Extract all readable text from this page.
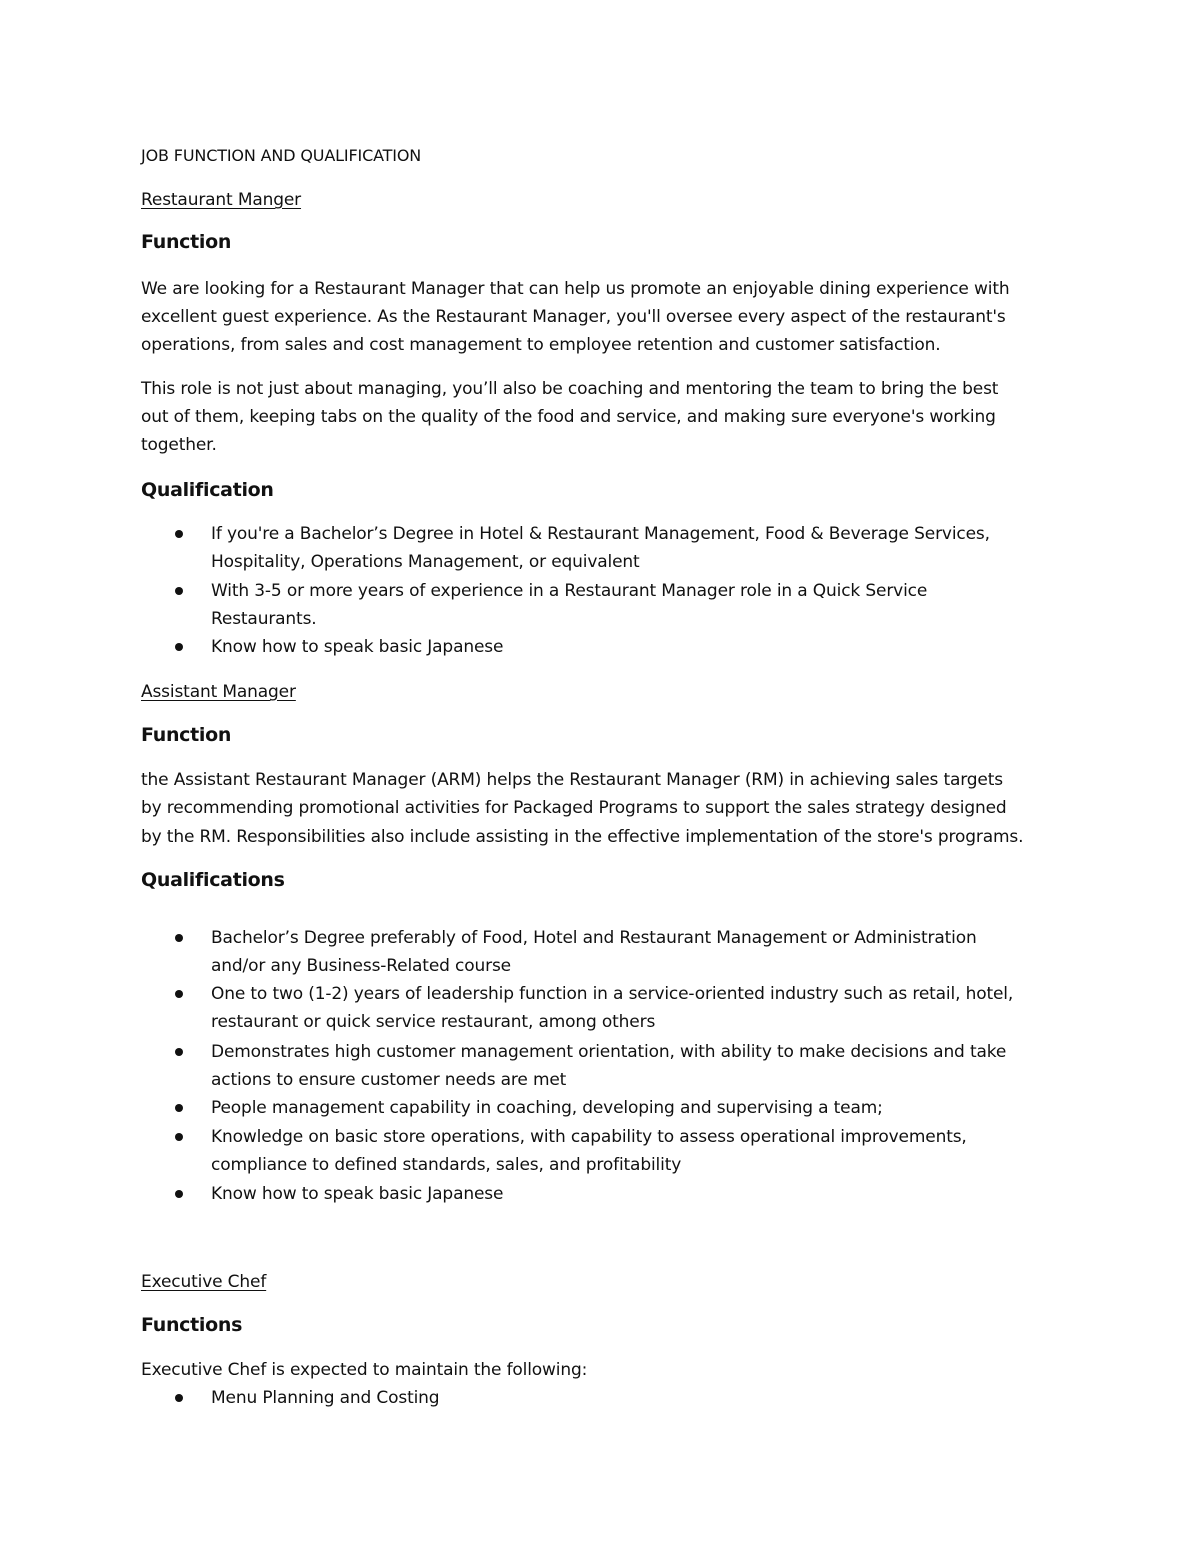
JOB FUNCTION AND QUALIFICATION

Restaurant Manger

Function

We are looking for a Restaurant Manager that can help us promote an enjoyable dining experience with

excellent guest experience. As the Restaurant Manager, you'll oversee every aspect of the restaurant's

operations, from sales and cost management to employee retention and customer satisfaction.

This role is not just about managing, you’ll also be coaching and mentoring the team to bring the best

out of them, keeping tabs on the quality of the food and service, and making sure everyone's working

together.

Qualification

If you're a Bachelor’s Degree in Hotel & Restaurant Management, Food & Beverage Services,
Hospitality, Operations Management, or equivalent
With 3-5 or more years of experience in a Restaurant Manager role in a Quick Service
Restaurants.
Know how to speak basic Japanese

Assistant Manager

Function

the Assistant Restaurant Manager (ARM) helps the Restaurant Manager (RM) in achieving sales targets

by recommending promotional activities for Packaged Programs to support the sales strategy designed

by the RM. Responsibilities also include assisting in the effective implementation of the store's programs.

Qualifications

Bachelor’s Degree preferably of Food, Hotel and Restaurant Management or Administration
and/or any Business-Related course
One to two (1-2) years of leadership function in a service-oriented industry such as retail, hotel,
restaurant or quick service restaurant, among others
Demonstrates high customer management orientation, with ability to make decisions and take
actions to ensure customer needs are met
People management capability in coaching, developing and supervising a team;
Knowledge on basic store operations, with capability to assess operational improvements,
compliance to defined standards, sales, and profitability
Know how to speak basic Japanese

Executive Chef

Functions

Executive Chef is expected to maintain the following:

Menu Planning and Costing
